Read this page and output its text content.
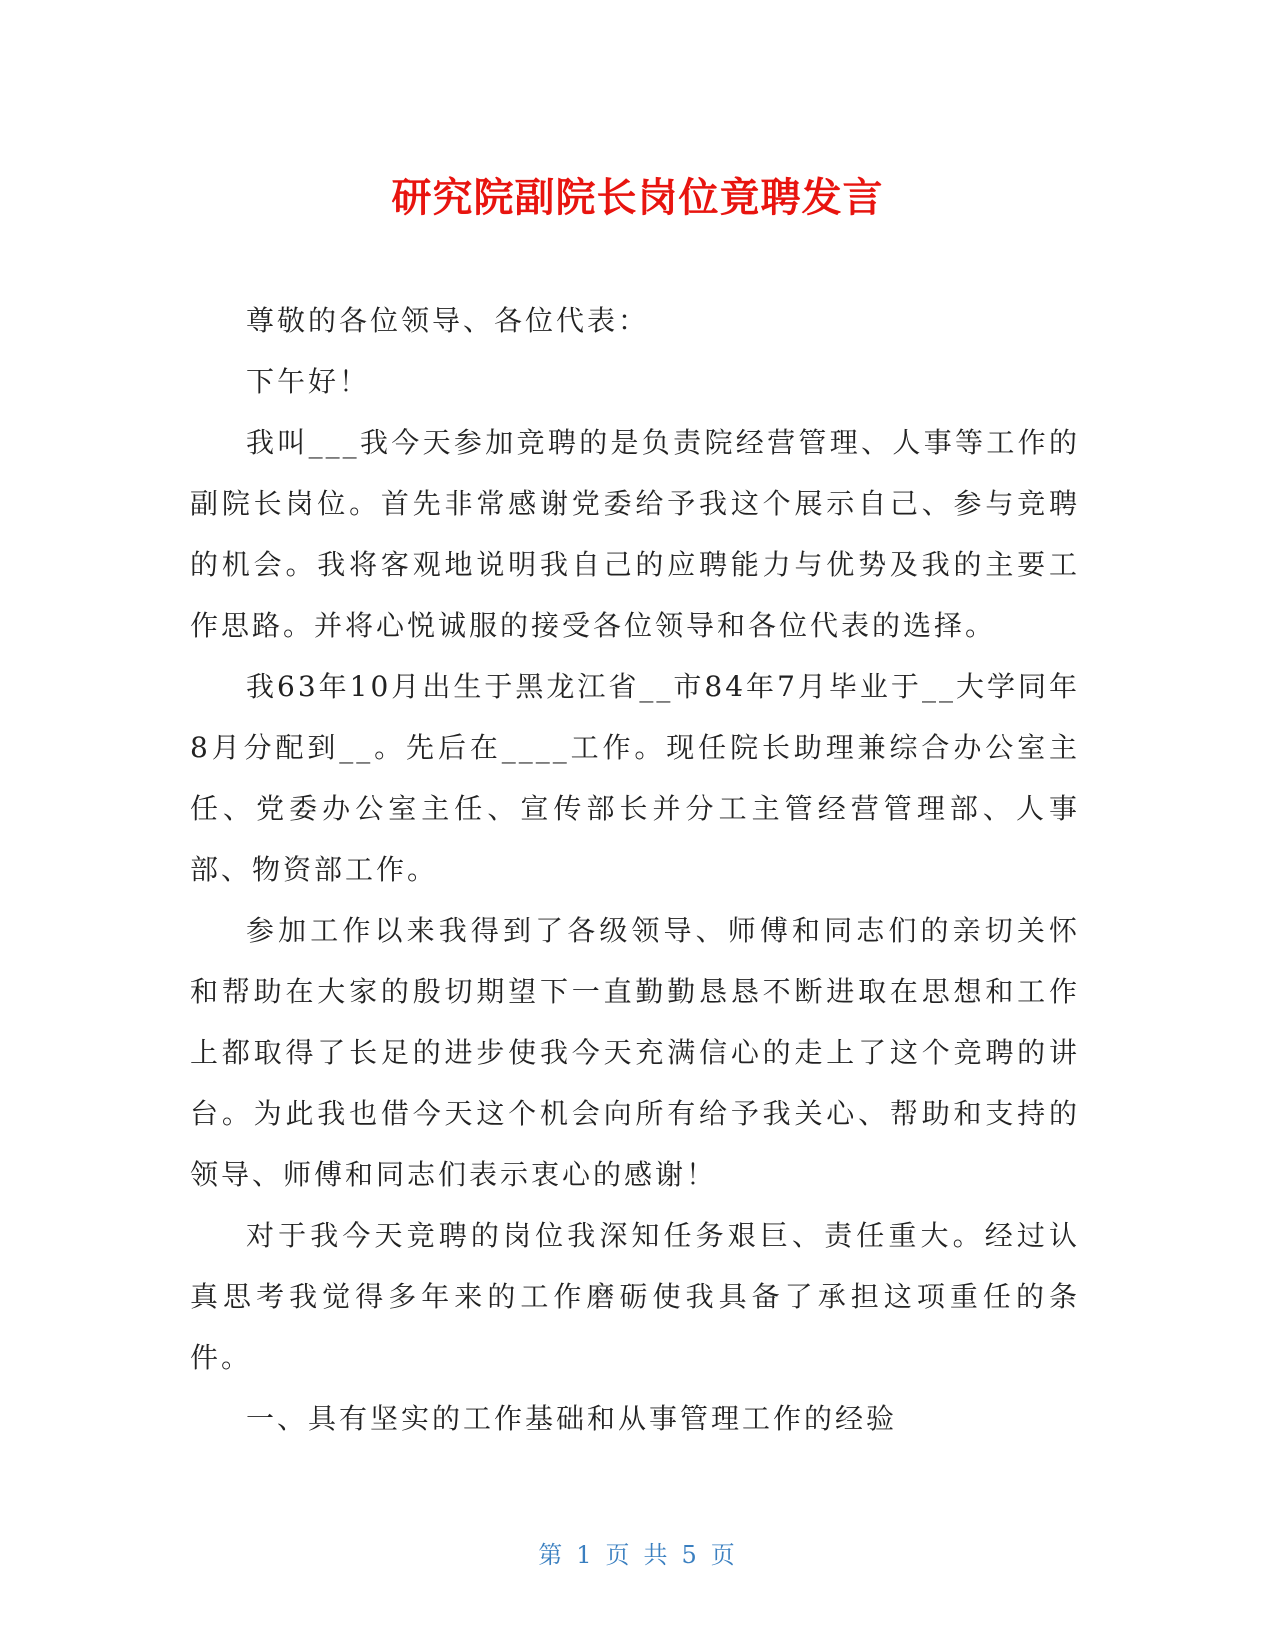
研究院副院长岗位竟聘发言

尊敬的各位领导、各位代表：

下午好！

我叫___我今天参加竞聘的是负责院经营管理、人事等工作的副院长岗位。首先非常感谢党委给予我这个展示自己、参与竞聘的机会。我将客观地说明我自己的应聘能力与优势及我的主要工作思路。并将心悦诚服的接受各位领导和各位代表的选择。

我63年10月出生于黑龙江省__市84年7月毕业于__大学同年8月分配到__。先后在____工作。现任院长助理兼综合办公室主任、党委办公室主任、宣传部长并分工主管经营管理部、人事部、物资部工作。

参加工作以来我得到了各级领导、师傅和同志们的亲切关怀和帮助在大家的殷切期望下一直勤勤恳恳不断进取在思想和工作上都取得了长足的进步使我今天充满信心的走上了这个竞聘的讲台。为此我也借今天这个机会向所有给予我关心、帮助和支持的领导、师傅和同志们表示衷心的感谢！

对于我今天竞聘的岗位我深知任务艰巨、责任重大。经过认真思考我觉得多年来的工作磨砺使我具备了承担这项重任的条件。

一、具有坚实的工作基础和从事管理工作的经验

第 1 页 共 5 页
